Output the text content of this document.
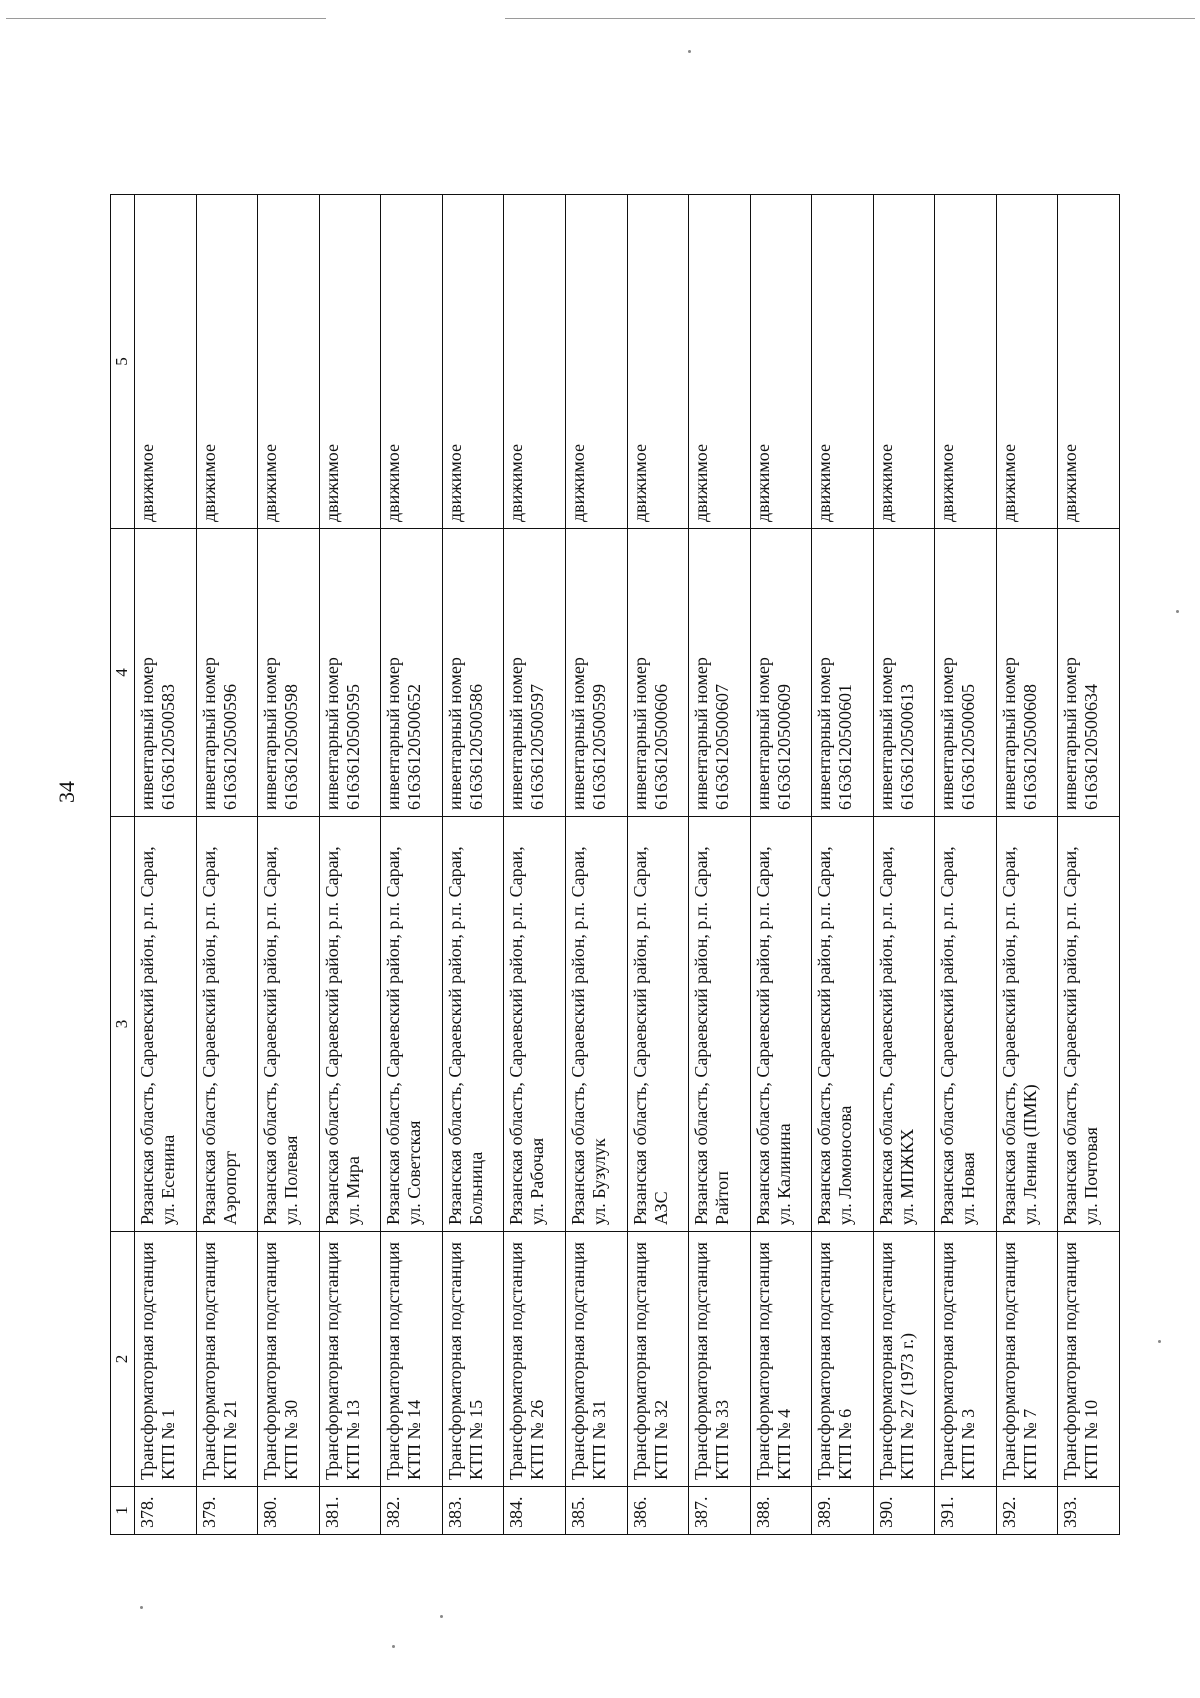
34
1	2	3	4	5
378.	Трансформаторная подстанция КТП № 1	Рязанская область, Сараевский район, р.п. Сараи, ул. Есенина	инвентарный номер 61636120500583	движимое
379.	Трансформаторная подстанция КТП № 21	Рязанская область, Сараевский район, р.п. Сараи, Аэропорт	инвентарный номер 61636120500596	движимое
380.	Трансформаторная подстанция КТП № 30	Рязанская область, Сараевский район, р.п. Сараи, ул. Полевая	инвентарный номер 61636120500598	движимое
381.	Трансформаторная подстанция КТП № 13	Рязанская область, Сараевский район, р.п. Сараи, ул. Мира	инвентарный номер 61636120500595	движимое
382.	Трансформаторная подстанция КТП № 14	Рязанская область, Сараевский район, р.п. Сараи, ул. Советская	инвентарный номер 61636120500652	движимое
383.	Трансформаторная подстанция КТП № 15	Рязанская область, Сараевский район, р.п. Сараи, Больница	инвентарный номер 61636120500586	движимое
384.	Трансформаторная подстанция КТП № 26	Рязанская область, Сараевский район, р.п. Сараи, ул. Рабочая	инвентарный номер 61636120500597	движимое
385.	Трансформаторная подстанция КТП № 31	Рязанская область, Сараевский район, р.п. Сараи, ул. Бузулук	инвентарный номер 61636120500599	движимое
386.	Трансформаторная подстанция КТП № 32	Рязанская область, Сараевский район, р.п. Сараи, АЗС	инвентарный номер 61636120500606	движимое
387.	Трансформаторная подстанция КТП № 33	Рязанская область, Сараевский район, р.п. Сараи, Райтоп	инвентарный номер 61636120500607	движимое
388.	Трансформаторная подстанция КТП № 4	Рязанская область, Сараевский район, р.п. Сараи, ул. Калинина	инвентарный номер 61636120500609	движимое
389.	Трансформаторная подстанция КТП № 6	Рязанская область, Сараевский район, р.п. Сараи, ул. Ломоносова	инвентарный номер 61636120500601	движимое
390.	Трансформаторная подстанция КТП № 27 (1973 г.)	Рязанская область, Сараевский район, р.п. Сараи, ул. МПЖКХ	инвентарный номер 61636120500613	движимое
391.	Трансформаторная подстанция КТП № 3	Рязанская область, Сараевский район, р.п. Сараи, ул. Новая	инвентарный номер 61636120500605	движимое
392.	Трансформаторная подстанция КТП № 7	Рязанская область, Сараевский район, р.п. Сараи, ул. Ленина (ПМК)	инвентарный номер 61636120500608	движимое
393.	Трансформаторная подстанция КТП № 10	Рязанская область, Сараевский район, р.п. Сараи, ул. Почтовая	инвентарный номер 61636120500634	движимое
